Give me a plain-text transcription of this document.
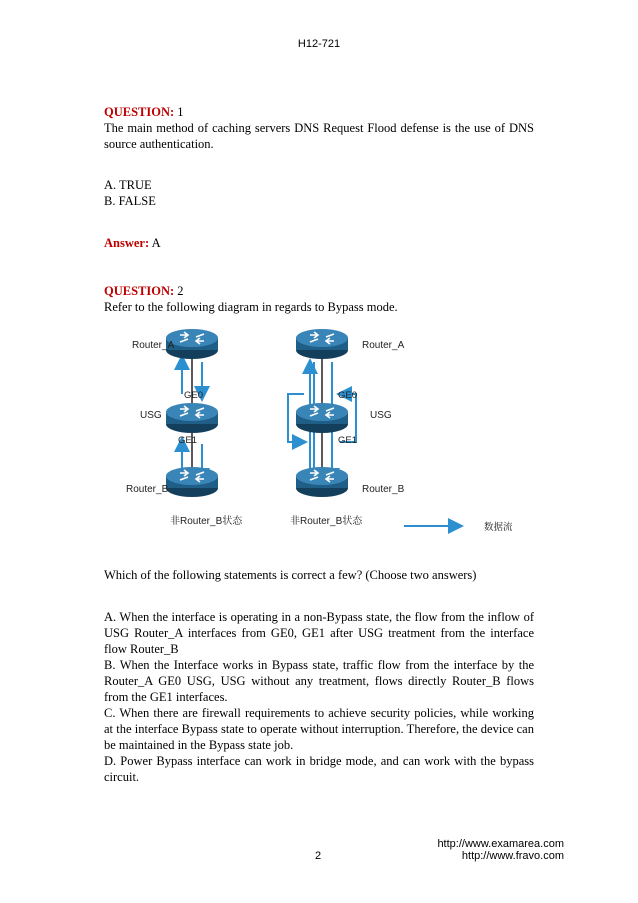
H12-721
QUESTION: 1
The main method of caching servers DNS Request Flood defense is the use of DNS source authentication.
A. TRUE
B. FALSE
Answer: A
QUESTION: 2
Refer to the following diagram in regards to Bypass mode.
Router_A
GE0
USG
GE1
Router_B
非Router_B状态
Router_A
GE0
USG
GE1
Router_B
非Router_B状态
数据流
Which of the following statements is correct a few? (Choose two answers)
A. When the interface is operating in a non-Bypass state, the flow from the inflow of USG Router_A interfaces from GE0, GE1 after USG treatment from the interface flow Router_B
B. When the Interface works in Bypass state, traffic flow from the interface by the Router_A GE0 USG, USG without any treatment, flows directly Router_B flows from the GE1 interfaces.
C. When there are firewall requirements to achieve security policies, while working at the interface Bypass state to operate without interruption. Therefore, the device can be maintained in the Bypass state job.
D. Power Bypass interface can work in bridge mode, and can work with the bypass circuit.
http://www.examarea.com
http://www.fravo.com
2
